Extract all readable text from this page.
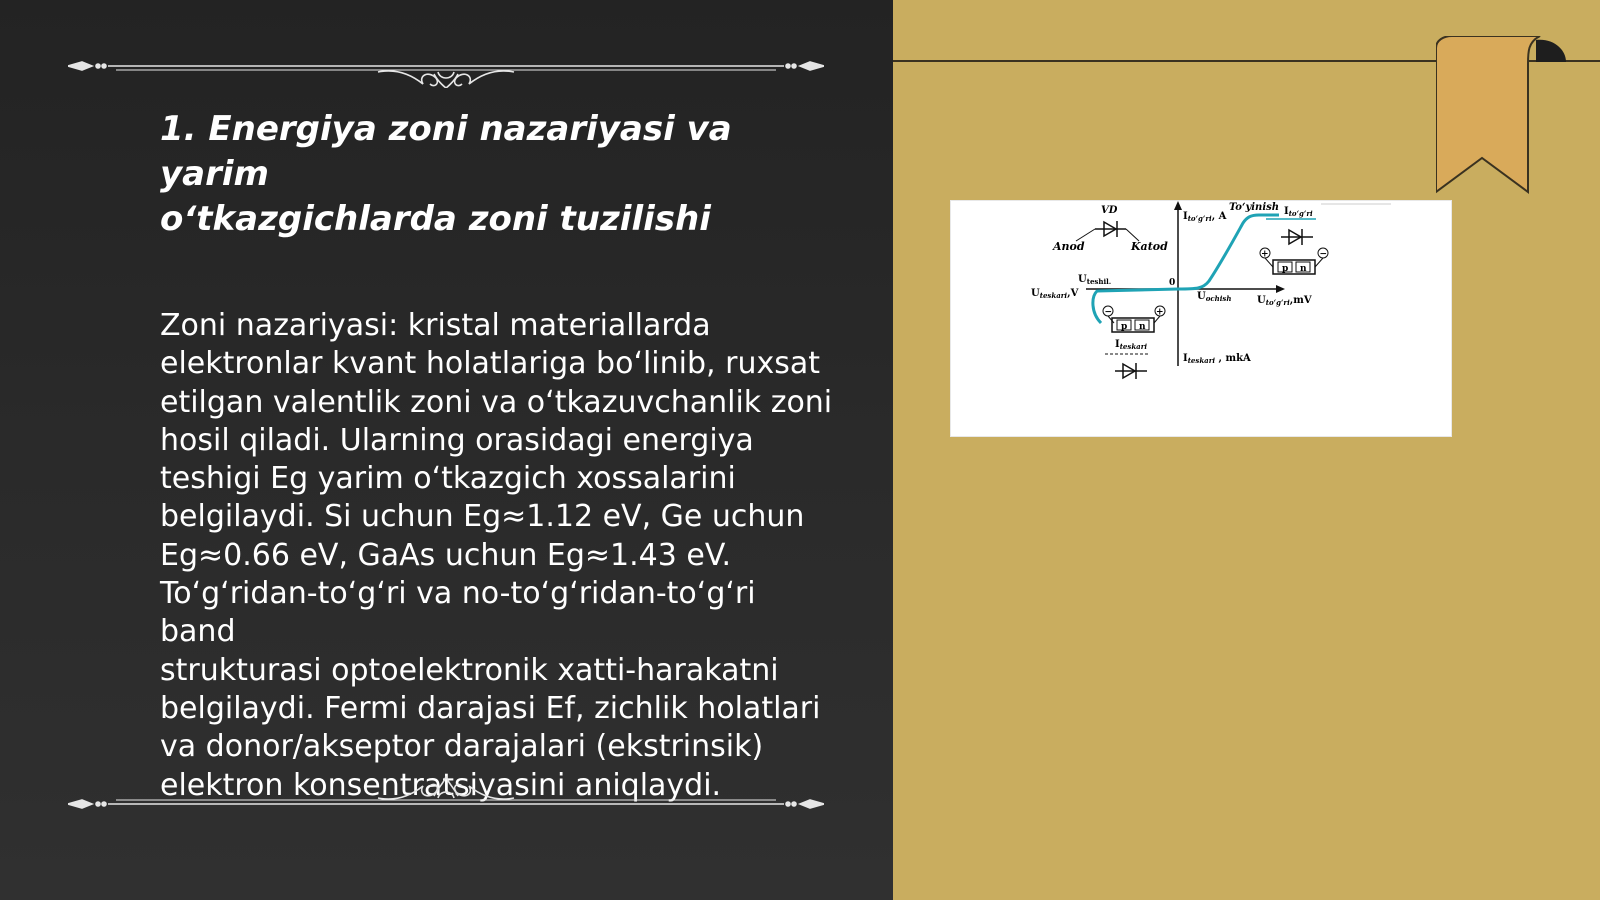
1. Energiya zoni nazariyasi va yarim
o‘tkazgichlarda zoni tuzilishi
Zoni nazariyasi: kristal materiallarda
elektronlar kvant holatlariga bo‘linib, ruxsat
etilgan valentlik zoni va o‘tkazuvchanlik zoni
hosil qiladi. Ularning orasidagi energiya
teshigi Eg yarim o‘tkazgich xossalarini
belgilaydi. Si uchun Eg≈1.12 eV, Ge uchun
Eg≈0.66 eV, GaAs uchun Eg≈1.43 eV.
To‘g‘ridan-to‘g‘ri va no-to‘g‘ridan-to‘g‘ri band
strukturasi optoelektronik xatti-harakatni
belgilaydi. Fermi darajasi Ef, zichlik holatlari
va donor/akseptor darajalari (ekstrinsik)
elektron konsentratsiyasini aniqlaydi.
VD
Anod	Katod
$I_{to‘g‘ri}$, A
To‘yinish $I_{to‘g‘ri}$
+	−
p n
$U_{teshil.}$	0
$U_{teskari},V$	$U_{ochish}$	$U_{to‘g‘ri},mV$
−	+
p n
$I_{teskari}$
$I_{teskari}$ , mkA
